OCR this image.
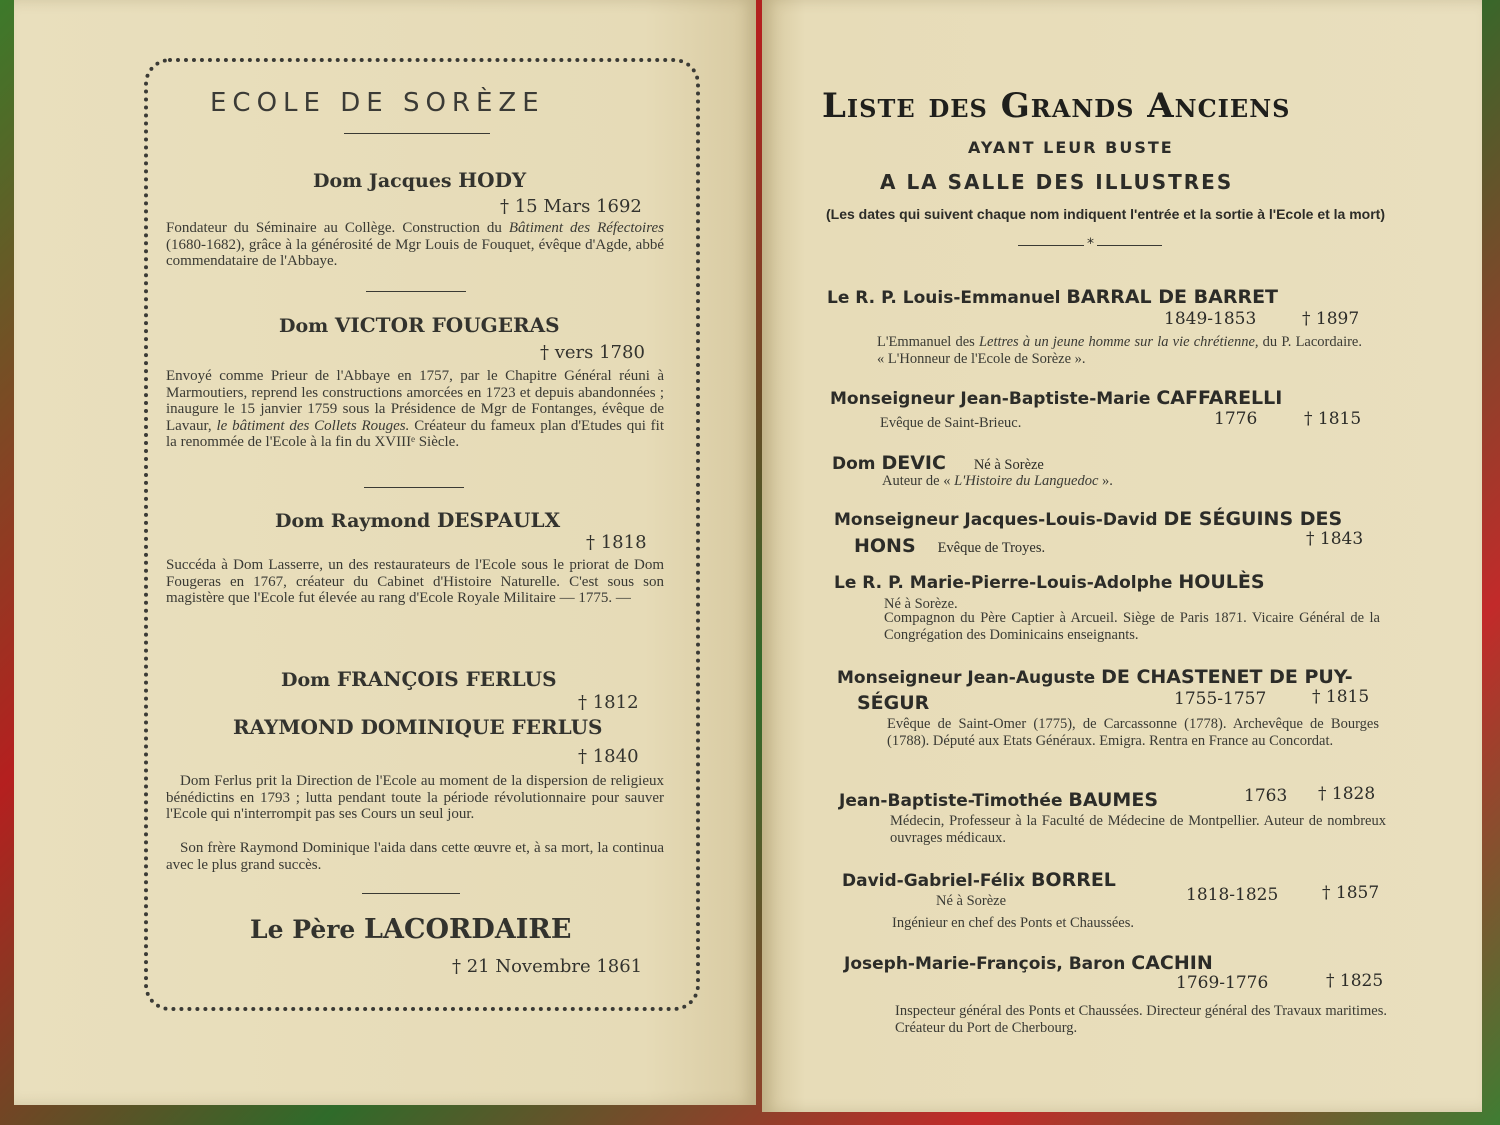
ECOLE DE SORÈZE

Dom Jacques HODY

† 15 Mars 1692

Fondateur du Séminaire au Collège. Construction du Bâtiment des Réfectoires (1680-1682), grâce à la générosité de Mgr Louis de Fouquet, évêque d'Agde, abbé commendataire de l'Abbaye.

Dom VICTOR FOUGERAS

† vers 1780

Envoyé comme Prieur de l'Abbaye en 1757, par le Chapitre Général réuni à Marmoutiers, reprend les constructions amorcées en 1723 et depuis abandonnées ; inaugure le 15 janvier 1759 sous la Présidence de Mgr de Fontanges, évêque de Lavaur, le bâtiment des Collets Rouges. Créateur du fameux plan d'Etudes qui fit la renommée de l'Ecole à la fin du XVIIIᵉ Siècle.

Dom Raymond DESPAULX

† 1818

Succéda à Dom Lasserre, un des restaurateurs de l'Ecole sous le priorat de Dom Fougeras en 1767, créateur du Cabinet d'Histoire Naturelle. C'est sous son magistère que l'Ecole fut élevée au rang d'Ecole Royale Militaire — 1775. —

Dom FRANÇOIS FERLUS

† 1812

RAYMOND DOMINIQUE FERLUS

† 1840

Dom Ferlus prit la Direction de l'Ecole au moment de la dispersion de religieux bénédictins en 1793 ; lutta pendant toute la période révolutionnaire pour sauver l'Ecole qui n'interrompit pas ses Cours un seul jour.

Son frère Raymond Dominique l'aida dans cette œuvre et, à sa mort, la continua avec le plus grand succès.

Le Père LACORDAIRE

† 21 Novembre 1861

Liste des Grands Anciens

AYANT LEUR BUSTE

A LA SALLE DES ILLUSTRES

(Les dates qui suivent chaque nom indiquent l'entrée et la sortie à l'Ecole et la mort)

*

Le R. P. Louis-Emmanuel BARRAL DE BARRET

1849-1853	† 1897

L'Emmanuel des Lettres à un jeune homme sur la vie chrétienne, du P. Lacordaire. « L'Honneur de l'Ecole de Sorèze ».

Monseigneur Jean-Baptiste-Marie CAFFARELLI

Evêque de Saint-Brieuc.	1776	† 1815

Dom DEVIC Né à Sorèze

Auteur de « L'Histoire du Languedoc ».

Monseigneur Jacques-Louis-David DE SÉGUINS DES

HONS Evêque de Troyes.	† 1843

Le R. P. Marie-Pierre-Louis-Adolphe HOULÈS

Né à Sorèze.

Compagnon du Père Captier à Arcueil. Siège de Paris 1871. Vicaire Général de la Congrégation des Dominicains enseignants.

Monseigneur Jean-Auguste DE CHASTENET DE PUY-

SÉGUR	1755-1757	† 1815

Evêque de Saint-Omer (1775), de Carcassonne (1778). Archevêque de Bourges (1788). Député aux Etats Généraux. Emigra. Rentra en France au Concordat.

Jean-Baptiste-Timothée BAUMES	1763 † 1828

Médecin, Professeur à la Faculté de Médecine de Montpellier. Auteur de nombreux ouvrages médicaux.

David-Gabriel-Félix BORREL

Né à Sorèze	1818-1825	† 1857

Ingénieur en chef des Ponts et Chaussées.

Joseph-Marie-François, Baron CACHIN

1769-1776	† 1825

Inspecteur général des Ponts et Chaussées. Directeur général des Travaux maritimes. Créateur du Port de Cherbourg.
